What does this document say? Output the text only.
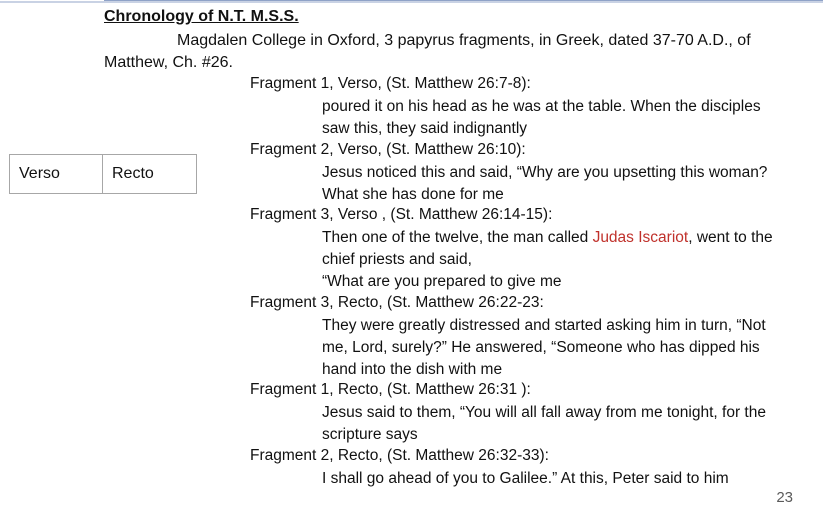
Chronology of N.T. M.S.S.
Magdalen College in Oxford, 3 papyrus fragments, in Greek, dated 37-70 A.D., of
Matthew, Ch. #26.
Verso	Recto
Fragment 1, Verso, (St. Matthew 26:7-8):
poured it on his head as he was at the table. When the disciples
saw this, they said indignantly
Fragment 2, Verso, (St. Matthew 26:10):
Jesus noticed this and said, “Why are you upsetting this woman?
What she has done for me
Fragment 3, Verso , (St. Matthew 26:14-15):
Then one of the twelve, the man called Judas Iscariot, went to the
chief priests and said,
“What are you prepared to give me
Fragment 3, Recto, (St. Matthew 26:22-23:
They were greatly distressed and started asking him in turn, “Not
me, Lord, surely?” He answered, “Someone who has dipped his
hand into the dish with me
Fragment 1, Recto, (St. Matthew 26:31 ):
Jesus said to them, “You will all fall away from me tonight, for the
scripture says
Fragment 2, Recto, (St. Matthew 26:32-33):
I shall go ahead of you to Galilee.” At this, Peter said to him
23
